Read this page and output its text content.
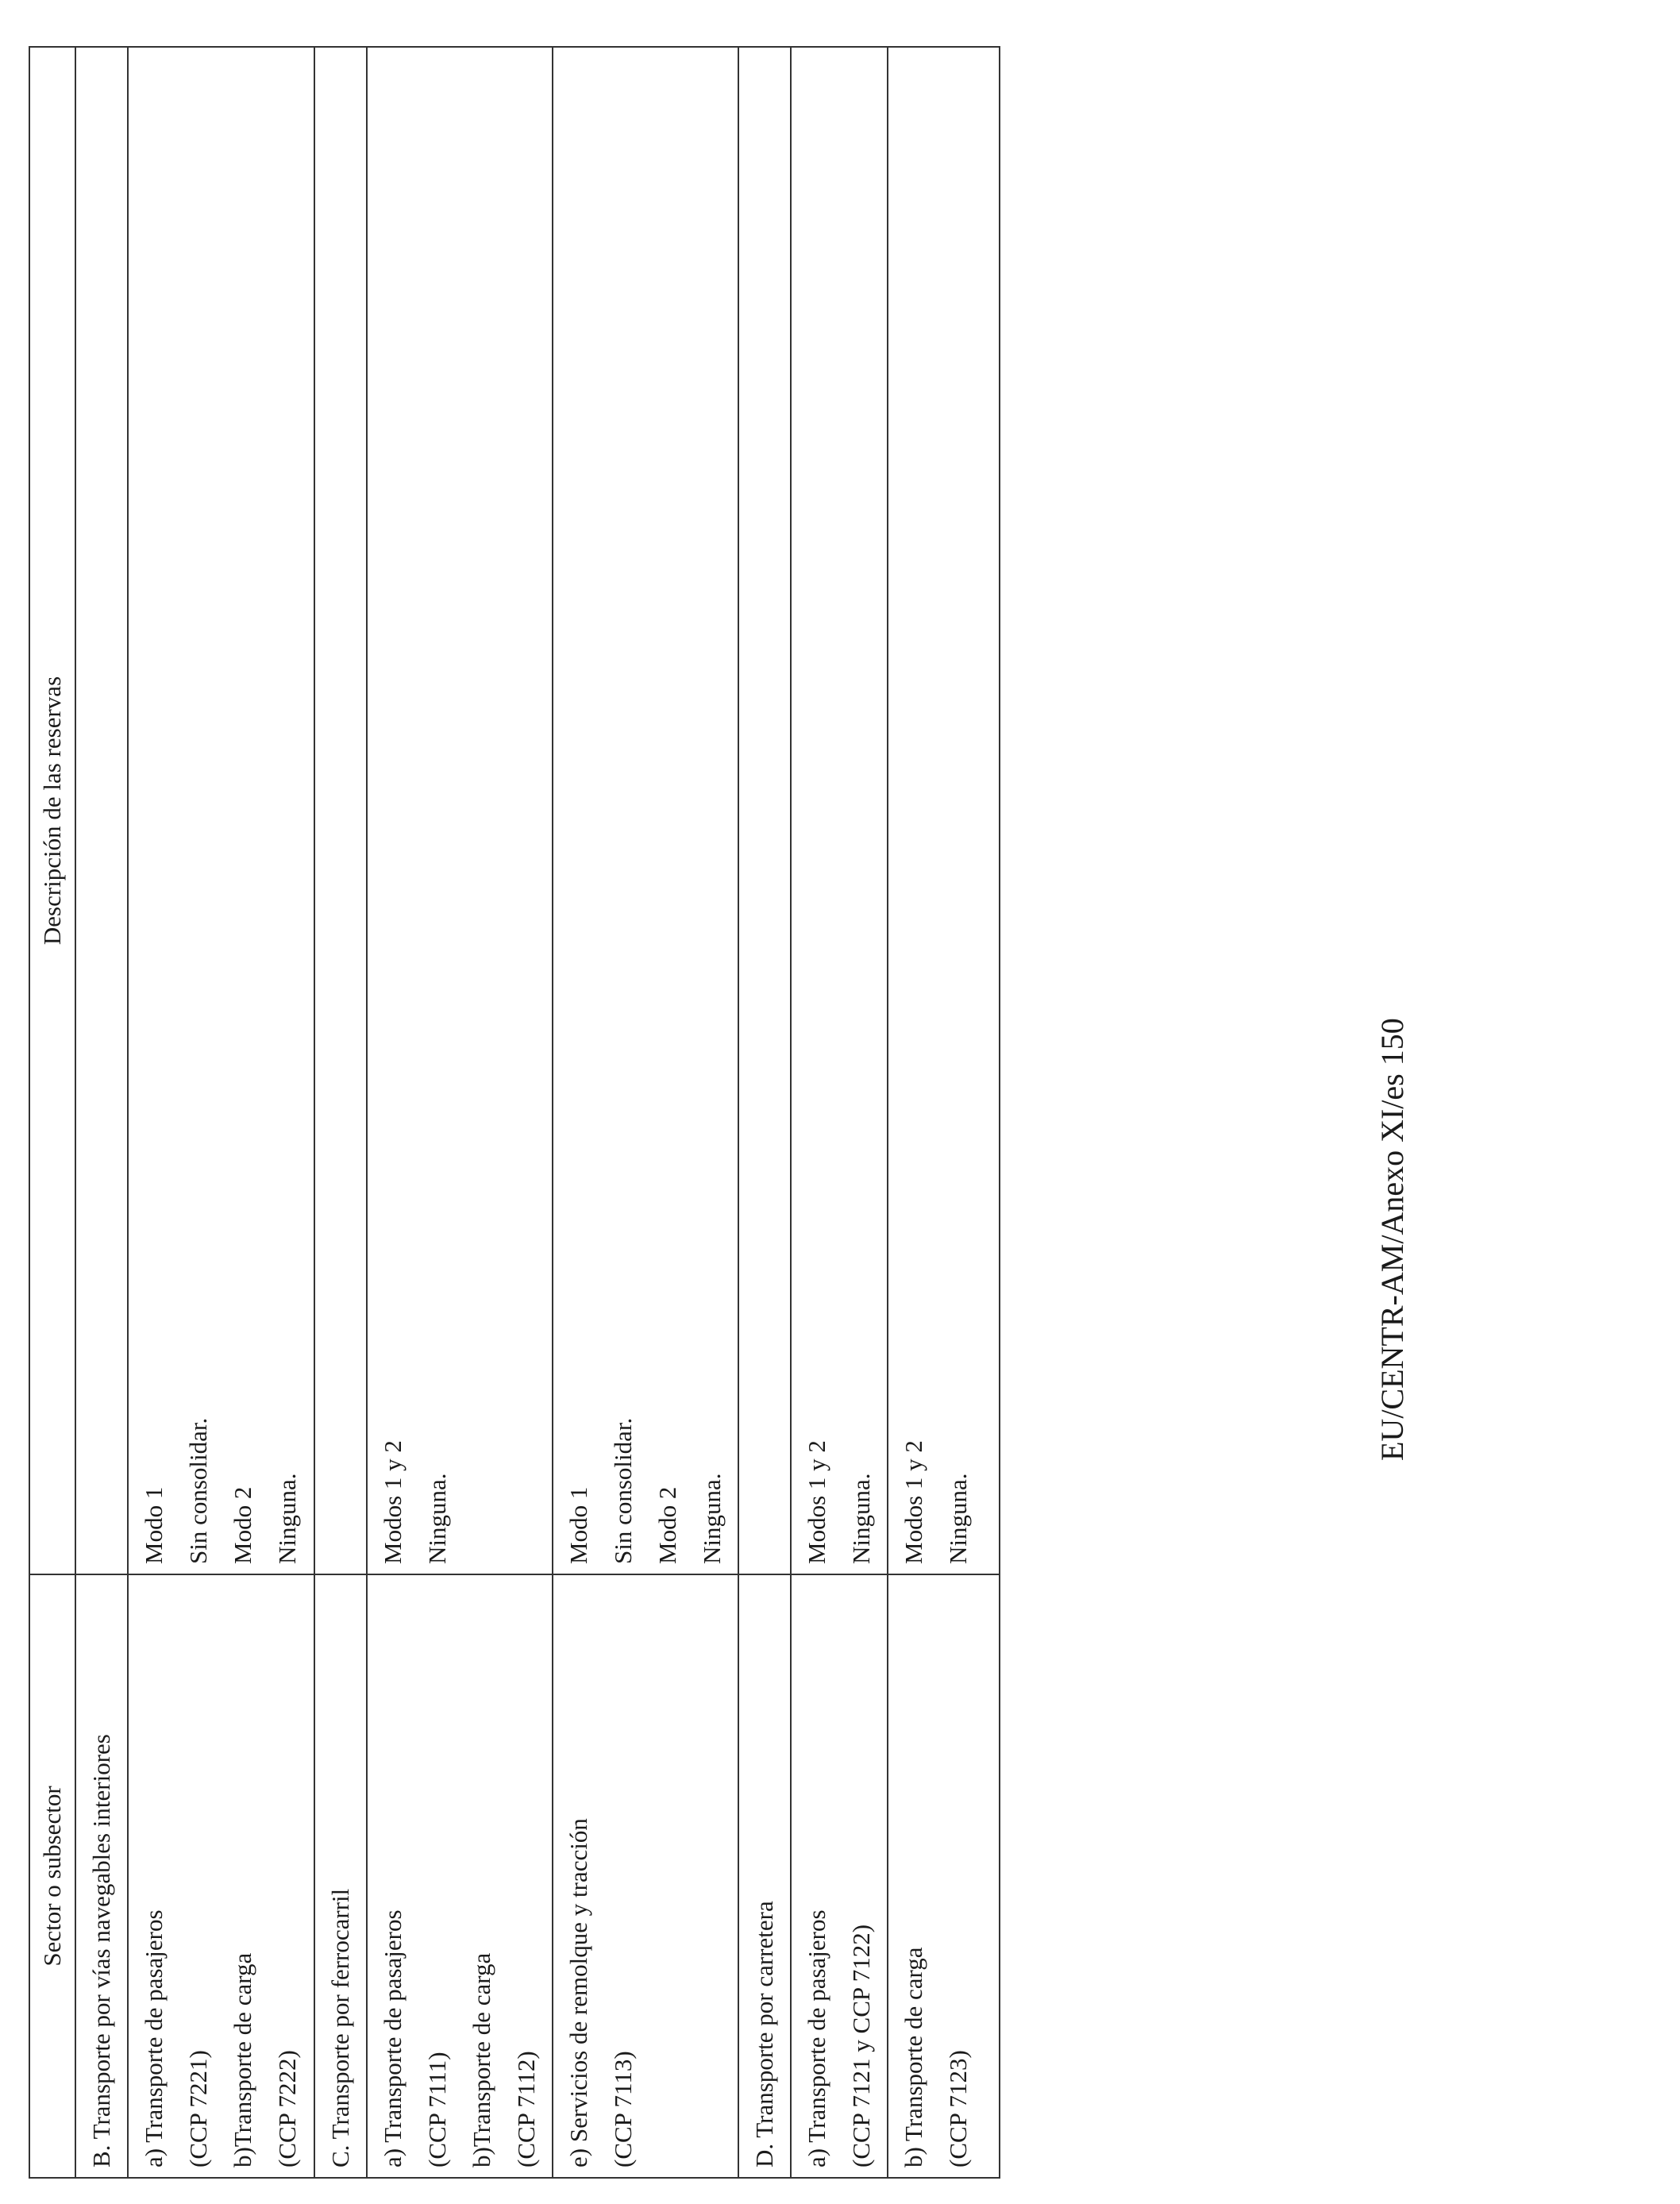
Sector o subsector	Descripción de las reservas
B. Transporte por vías navegables interiores	

a) Transporte de pasajeros (CCP 7221) b)Transporte de carga (CCP 7222)	Modo 1 Sin consolidar. Modo 2 Ninguna.

C. Transporte por ferrocarril	

a) Transporte de pasajeros (CCP 7111) b)Transporte de carga (CCP 7112)	Modos 1 y 2 Ninguna.

e) Servicios de remolque y tracción (CCP 7113)	Modo 1 Sin consolidar. Modo 2 Ninguna.

D. Transporte por carretera	

a) Transporte de pasajeros (CCP 7121 y CCP 7122)	Modos 1 y 2 Ninguna.

b) Transporte de carga (CCP 7123)	Modos 1 y 2 Ninguna.
EU/CENTR-AM/Anexo XI/es 150
